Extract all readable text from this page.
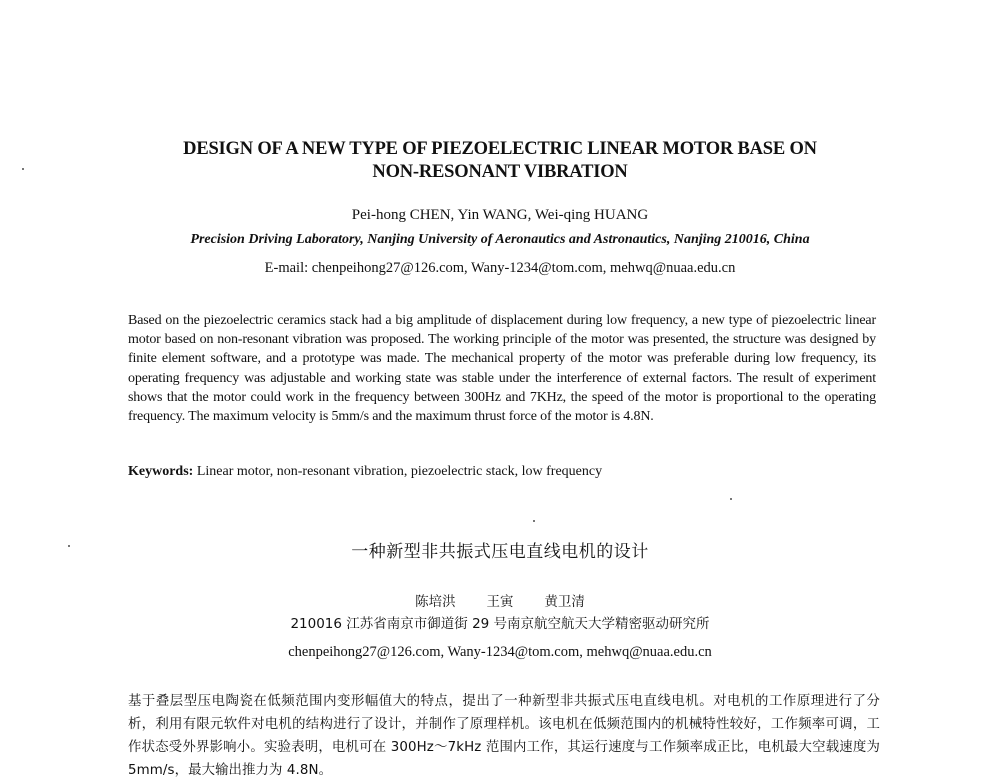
DESIGN OF A NEW TYPE OF PIEZOELECTRIC LINEAR MOTOR BASE ON
NON-RESONANT VIBRATION
Pei-hong CHEN, Yin WANG, Wei-qing HUANG
Precision Driving Laboratory, Nanjing University of Aeronautics and Astronautics, Nanjing 210016, China
E-mail: chenpeihong27@126.com, Wany-1234@tom.com, mehwq@nuaa.edu.cn
Based on the piezoelectric ceramics stack had a big amplitude of displacement during low frequency, a new type of piezoelectric linear motor based on non-resonant vibration was proposed. The working principle of the motor was presented, the structure was designed by finite element software, and a prototype was made. The mechanical property of the motor was preferable during low frequency, its operating frequency was adjustable and working state was stable under the interference of external factors. The result of experiment shows that the motor could work in the frequency between 300Hz and 7KHz, the speed of the motor is proportional to the operating frequency. The maximum velocity is 5mm/s and the maximum thrust force of the motor is 4.8N.
Keywords: Linear motor, non-resonant vibration, piezoelectric stack, low frequency
一种新型非共振式压电直线电机的设计
陈培洪   王寅   黄卫清
210016 江苏省南京市御道街 29 号南京航空航天大学精密驱动研究所
chenpeihong27@126.com, Wany-1234@tom.com, mehwq@nuaa.edu.cn
基于叠层型压电陶瓷在低频范围内变形幅值大的特点，提出了一种新型非共振式压电直线电机。对电机的工作原理进行了分析，利用有限元软件对电机的结构进行了设计，并制作了原理样机。该电机在低频范围内的机械特性较好，工作频率可调，工作状态受外界影响小。实验表明，电机可在 300Hz～7kHz 范围内工作，其运行速度与工作频率成正比，电机最大空载速度为 5mm/s，最大输出推力为 4.8N。
